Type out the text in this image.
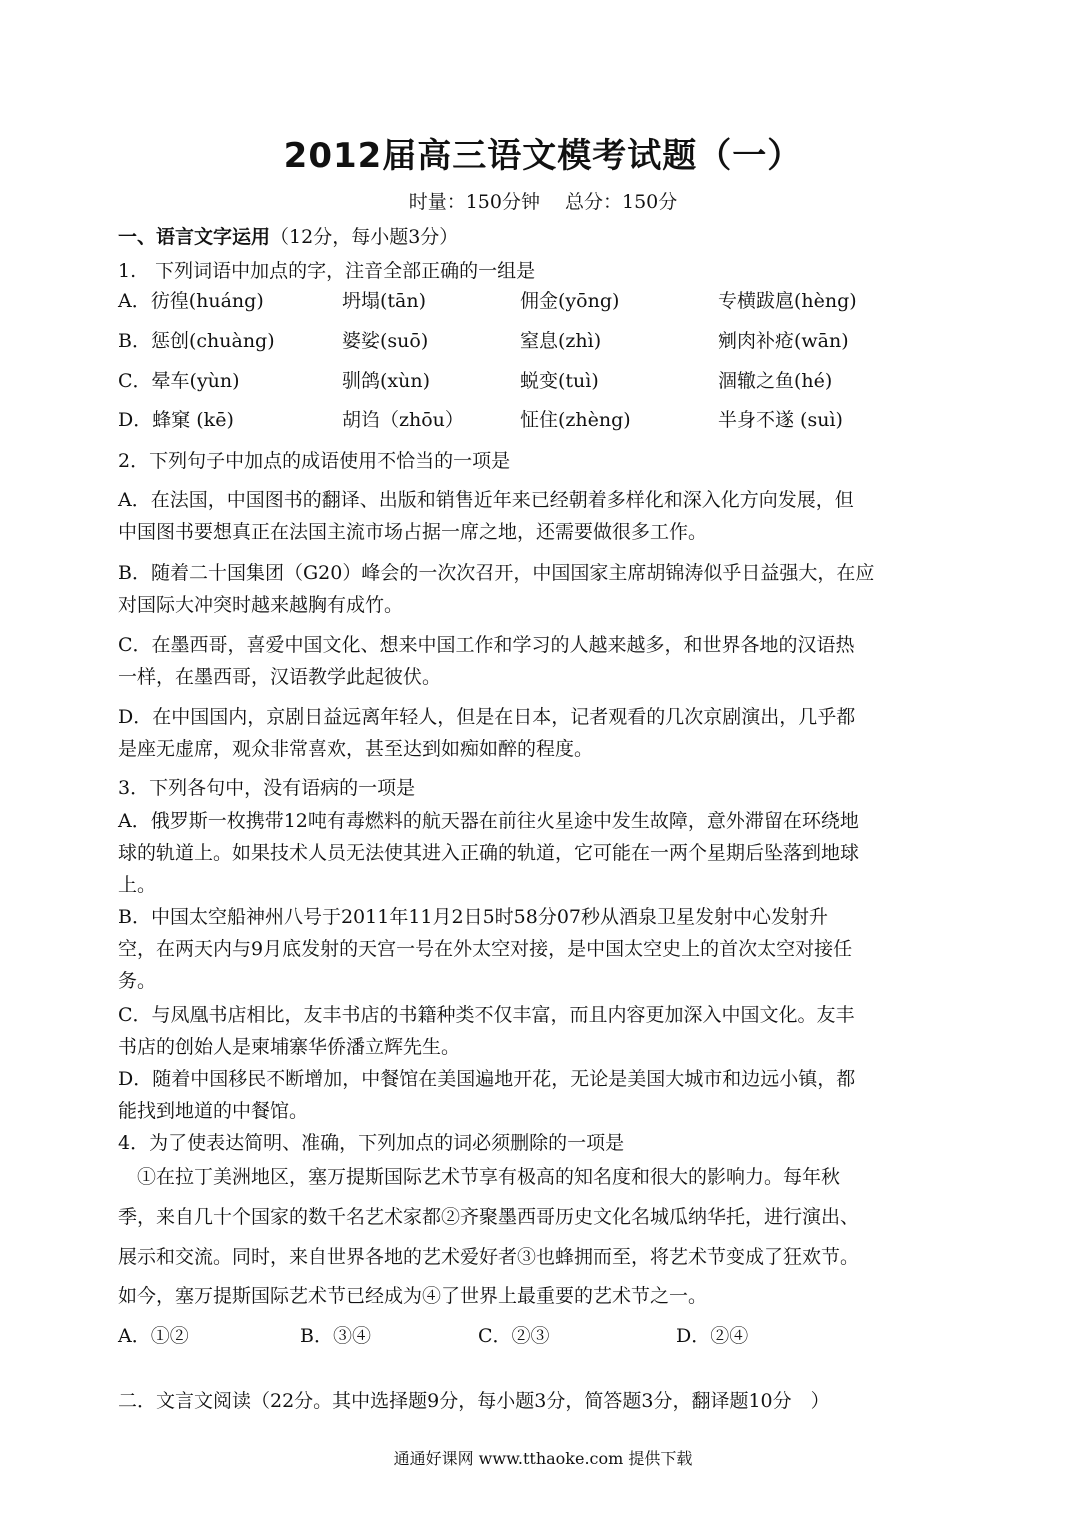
2012届高三语文模考试题（一）
时量：150分钟　 总分：150分
一、语言文字运用（12分，每小题3分）
1.　下列词语中加点的字，注音全部正确的一组是
A．彷徨(huáng)	坍塌(tān)	佣金(yōng)	专横跋扈(hèng)
B．惩创(chuàng)	婆娑(suō)	窒息(zhì)	剜肉补疮(wān)
C．晕车(yùn)	驯鸽(xùn)	蜕变(tuì)	涸辙之鱼(hé)
D．蜂窠 (kē)	胡诌（zhōu）	怔住(zhèng)	半身不遂 (suì)
2．下列句子中加点的成语使用不恰当的一项是
A．在法国，中国图书的翻译、出版和销售近年来已经朝着多样化和深入化方向发展，但
中国图书要想真正在法国主流市场占据一席之地，还需要做很多工作。
B．随着二十国集团（G20）峰会的一次次召开，中国国家主席胡锦涛似乎日益强大，在应
对国际大冲突时越来越胸有成竹。
C．在墨西哥，喜爱中国文化、想来中国工作和学习的人越来越多，和世界各地的汉语热
一样，在墨西哥，汉语教学此起彼伏。
D．在中国国内，京剧日益远离年轻人，但是在日本，记者观看的几次京剧演出，几乎都
是座无虚席，观众非常喜欢，甚至达到如痴如醉的程度。
3．下列各句中，没有语病的一项是
A．俄罗斯一枚携带12吨有毒燃料的航天器在前往火星途中发生故障，意外滞留在环绕地
球的轨道上。如果技术人员无法使其进入正确的轨道，它可能在一两个星期后坠落到地球
上。
B．中国太空船神州八号于2011年11月2日5时58分07秒从酒泉卫星发射中心发射升
空，在两天内与9月底发射的天宫一号在外太空对接，是中国太空史上的首次太空对接任
务。
C．与凤凰书店相比，友丰书店的书籍种类不仅丰富，而且内容更加深入中国文化。友丰
书店的创始人是柬埔寨华侨潘立辉先生。
D．随着中国移民不断增加，中餐馆在美国遍地开花，无论是美国大城市和边远小镇，都
能找到地道的中餐馆。
4．为了使表达简明、准确，下列加点的词必须删除的一项是
　①在拉丁美洲地区，塞万提斯国际艺术节享有极高的知名度和很大的影响力。每年秋
季，来自几十个国家的数千名艺术家都②齐聚墨西哥历史文化名城瓜纳华托，进行演出、
展示和交流。同时，来自世界各地的艺术爱好者③也蜂拥而至，将艺术节变成了狂欢节。
如今，塞万提斯国际艺术节已经成为④了世界上最重要的艺术节之一。
A．①②	B．③④	C．②③	D．②④
二．文言文阅读（22分。其中选择题9分，每小题3分，简答题3分，翻译题10分　）
通通好课网 www.tthaoke.com 提供下载
